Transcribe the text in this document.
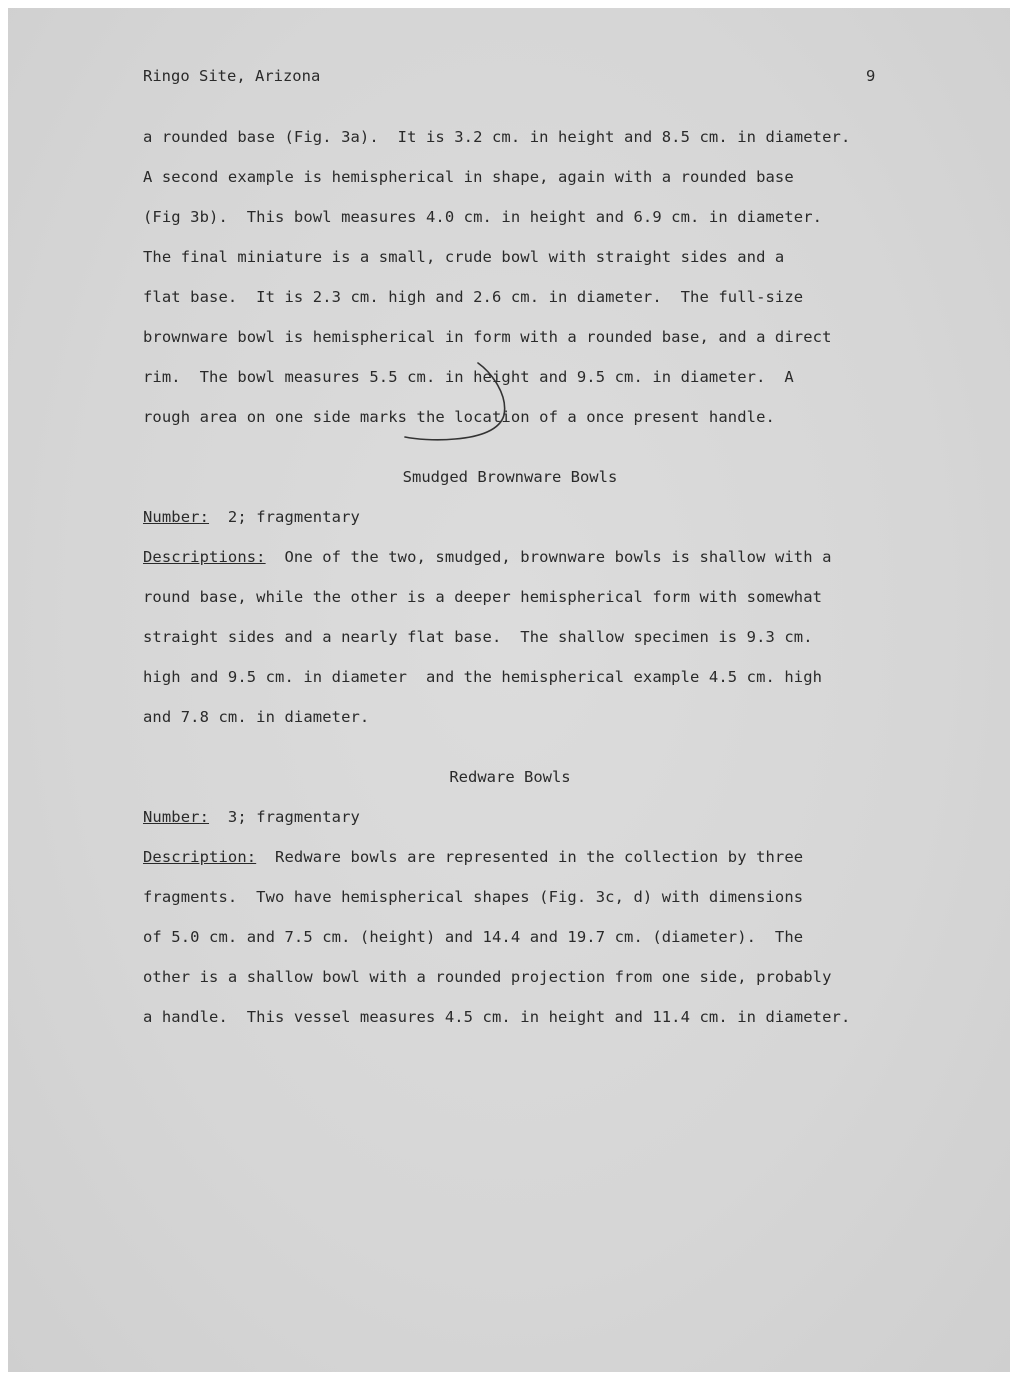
Ringo Site, Arizona	9

a rounded base (Fig. 3a).  It is 3.2 cm. in height and 8.5 cm. in diameter.

A second example is hemispherical in shape, again with a rounded base

(Fig 3b).  This bowl measures 4.0 cm. in height and 6.9 cm. in diameter.

The final miniature is a small, crude bowl with straight sides and a

flat base.  It is 2.3 cm. high and 2.6 cm. in diameter.  The full-size

brownware bowl is hemispherical in form with a rounded base, and a direct

rim.  The bowl measures 5.5 cm. in height and 9.5 cm. in diameter.  A

rough area on one side marks the location of a once present handle.

Smudged Brownware Bowls

Number:  2; fragmentary

Descriptions:  One of the two, smudged, brownware bowls is shallow with a

round base, while the other is a deeper hemispherical form with somewhat

straight sides and a nearly flat base.  The shallow specimen is 9.3 cm.

high and 9.5 cm. in diameter  and the hemispherical example 4.5 cm. high

and 7.8 cm. in diameter.

Redware Bowls

Number:  3; fragmentary

Description:  Redware bowls are represented in the collection by three

fragments.  Two have hemispherical shapes (Fig. 3c, d) with dimensions

of 5.0 cm. and 7.5 cm. (height) and 14.4 and 19.7 cm. (diameter).  The

other is a shallow bowl with a rounded projection from one side, probably

a handle.  This vessel measures 4.5 cm. in height and 11.4 cm. in diameter.
